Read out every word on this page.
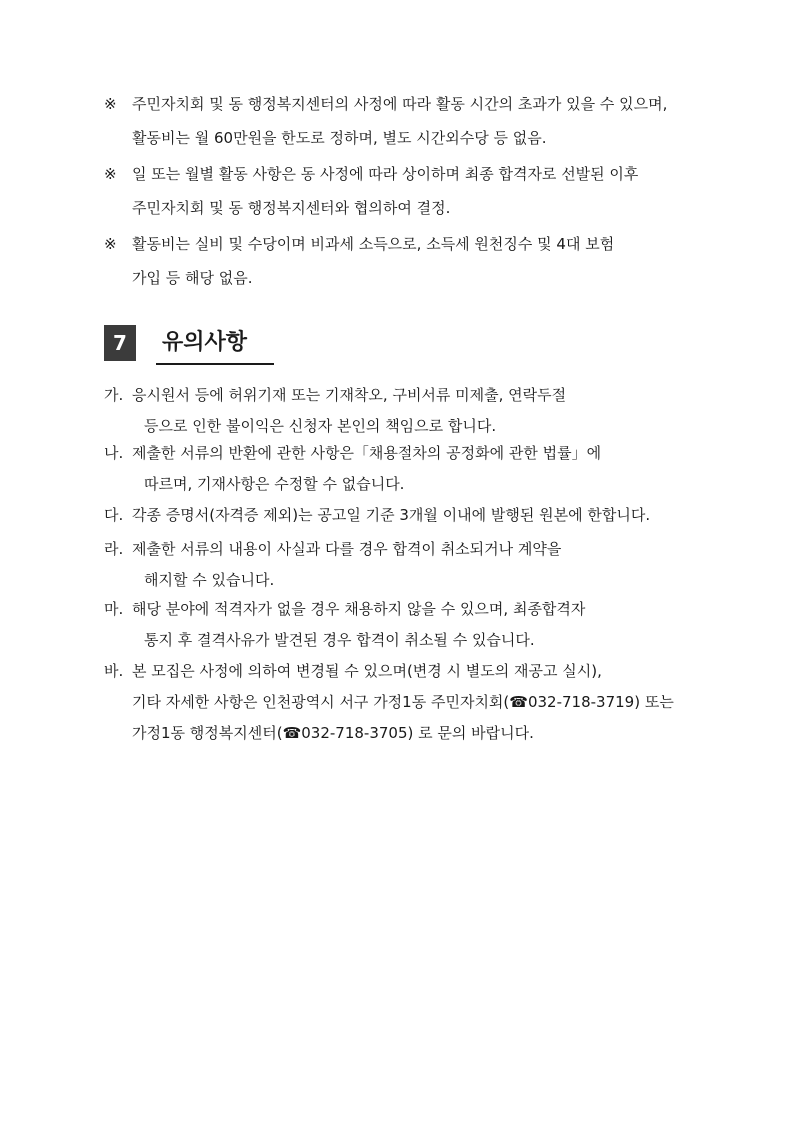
※	주민자치회 및 동 행정복지센터의 사정에 따라 활동 시간의 초과가 있을 수 있으며,
활동비는 월 60만원을 한도로 정하며, 별도 시간외수당 등 없음.
※	일 또는 월별 활동 사항은 동 사정에 따라 상이하며 최종 합격자로 선발된 이후
주민자치회 및 동 행정복지센터와 협의하여 결정.
※	활동비는 실비 및 수당이며 비과세 소득으로, 소득세 원천징수 및 4대 보험
가입 등 해당 없음.
7	유의사항
가. 응시원서 등에 허위기재 또는 기재착오, 구비서류 미제출, 연락두절
등으로 인한 불이익은 신청자 본인의 책임으로 합니다.
나. 제출한 서류의 반환에 관한 사항은「채용절차의 공정화에 관한 법률」에
따르며, 기재사항은 수정할 수 없습니다.
다. 각종 증명서(자격증 제외)는 공고일 기준 3개월 이내에 발행된 원본에 한합니다.
라. 제출한 서류의 내용이 사실과 다를 경우 합격이 취소되거나 계약을
해지할 수 있습니다.
마. 해당 분야에 적격자가 없을 경우 채용하지 않을 수 있으며, 최종합격자
통지 후 결격사유가 발견된 경우 합격이 취소될 수 있습니다.
바. 본 모집은 사정에 의하여 변경될 수 있으며(변경 시 별도의 재공고 실시),
기타 자세한 사항은 인천광역시 서구 가정1동 주민자치회(☎032-718-3719) 또는
가정1동 행정복지센터(☎032-718-3705) 로 문의 바랍니다.
